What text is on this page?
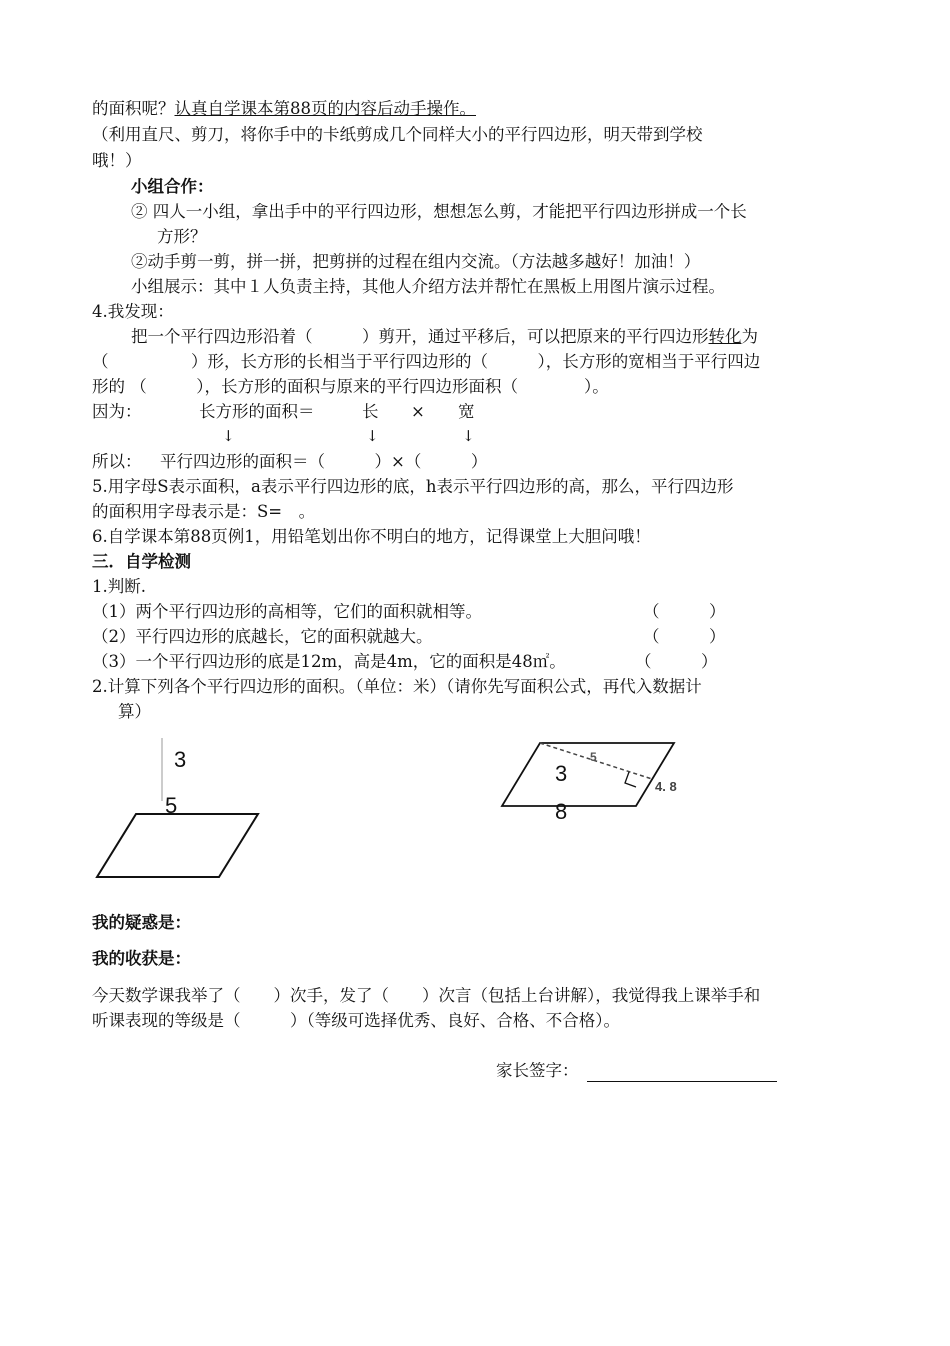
的面积呢？认真自学课本第88页的内容后动手操作。
（利用直尺、剪刀，将你手中的卡纸剪成几个同样大小的平行四边形，明天带到学校
哦！）
小组合作：
② 四人一小组，拿出手中的平行四边形，想想怎么剪，才能把平行四边形拼成一个长
方形？
②动手剪一剪，拼一拼，把剪拼的过程在组内交流。（方法越多越好！加油！）
小组展示：其中１人负责主持，其他人介绍方法并帮忙在黑板上用图片演示过程。
4.我发现：
把一个平行四边形沿着（　　　）剪开，通过平移后，可以把原来的平行四边形转化为
（　　　　　）形，长方形的长相当于平行四边形的（　　　），长方形的宽相当于平行四边
形的 （　　　），长方形的面积与原来的平行四边形面积（　　　　）。
因为：	长方形的面积＝	长 × 宽
↓	↓	↓
所以： 平行四边形的面积＝（　　　）×（　　　）
5.用字母S表示面积，a表示平行四边形的底，h表示平行四边形的高，那么，平行四边形
的面积用字母表示是：S=　。
6.自学课本第88页例1，用铅笔划出你不明白的地方，记得课堂上大胆问哦！
三．自学检测
1.判断.
（1）两个平行四边形的高相等，它们的面积就相等。	（　　　）
（2）平行四边形的底越长，它的面积就越大。	（　　　）
（3）一个平行四边形的底是12m，高是4m，它的面积是48㎡。	（　　　）
2.计算下列各个平行四边形的面积。（单位：米）（请你先写面积公式，再代入数据计
算）
3
5
5
4. 8
3
8
我的疑惑是：
我的收获是：
今天数学课我举了（　　）次手，发了（　　）次言（包括上台讲解），我觉得我上课举手和
听课表现的等级是（　　　）（等级可选择优秀、良好、合格、不合格）。
家长签字：
